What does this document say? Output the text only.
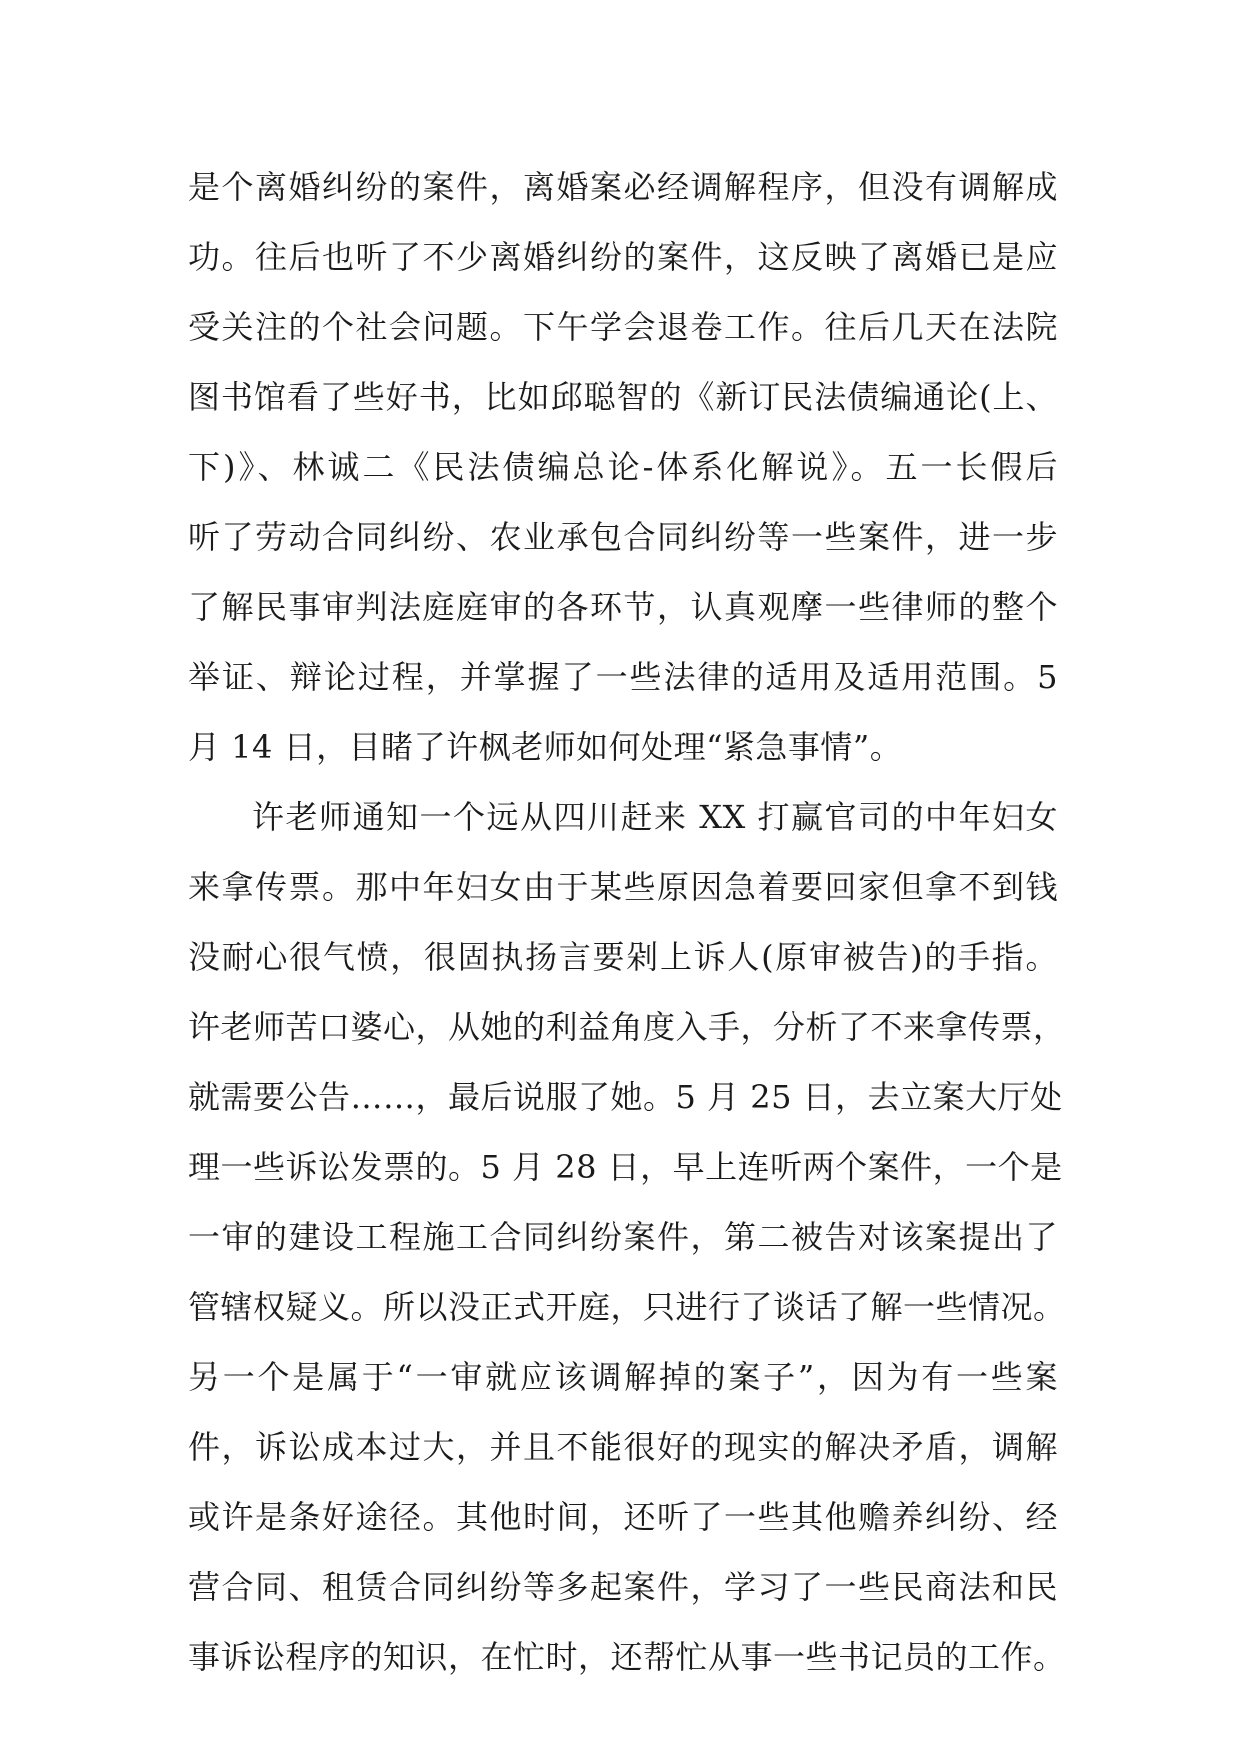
是个离婚纠纷的案件，离婚案必经调解程序，但没有调解成
功。往后也听了不少离婚纠纷的案件，这反映了离婚已是应
受关注的个社会问题。下午学会退卷工作。往后几天在法院
图书馆看了些好书，比如邱聪智的《新订民法债编通论(上、
下)》、林诚二《民法债编总论-体系化解说》。五一长假后
听了劳动合同纠纷、农业承包合同纠纷等一些案件，进一步
了解民事审判法庭庭审的各环节，认真观摩一些律师的整个
举证、辩论过程，并掌握了一些法律的适用及适用范围。5
月 14 日，目睹了许枫老师如何处理“紧急事情”。
许老师通知一个远从四川赶来 XX 打赢官司的中年妇女
来拿传票。那中年妇女由于某些原因急着要回家但拿不到钱
没耐心很气愤，很固执扬言要剁上诉人(原审被告)的手指。
许老师苦口婆心，从她的利益角度入手，分析了不来拿传票，
就需要公告……，最后说服了她。5 月 25 日，去立案大厅处
理一些诉讼发票的。5 月 28 日，早上连听两个案件，一个是
一审的建设工程施工合同纠纷案件，第二被告对该案提出了
管辖权疑义。所以没正式开庭，只进行了谈话了解一些情况。
另一个是属于“一审就应该调解掉的案子”，因为有一些案
件，诉讼成本过大，并且不能很好的现实的解决矛盾，调解
或许是条好途径。其他时间，还听了一些其他赡养纠纷、经
营合同、租赁合同纠纷等多起案件，学习了一些民商法和民
事诉讼程序的知识，在忙时，还帮忙从事一些书记员的工作。
